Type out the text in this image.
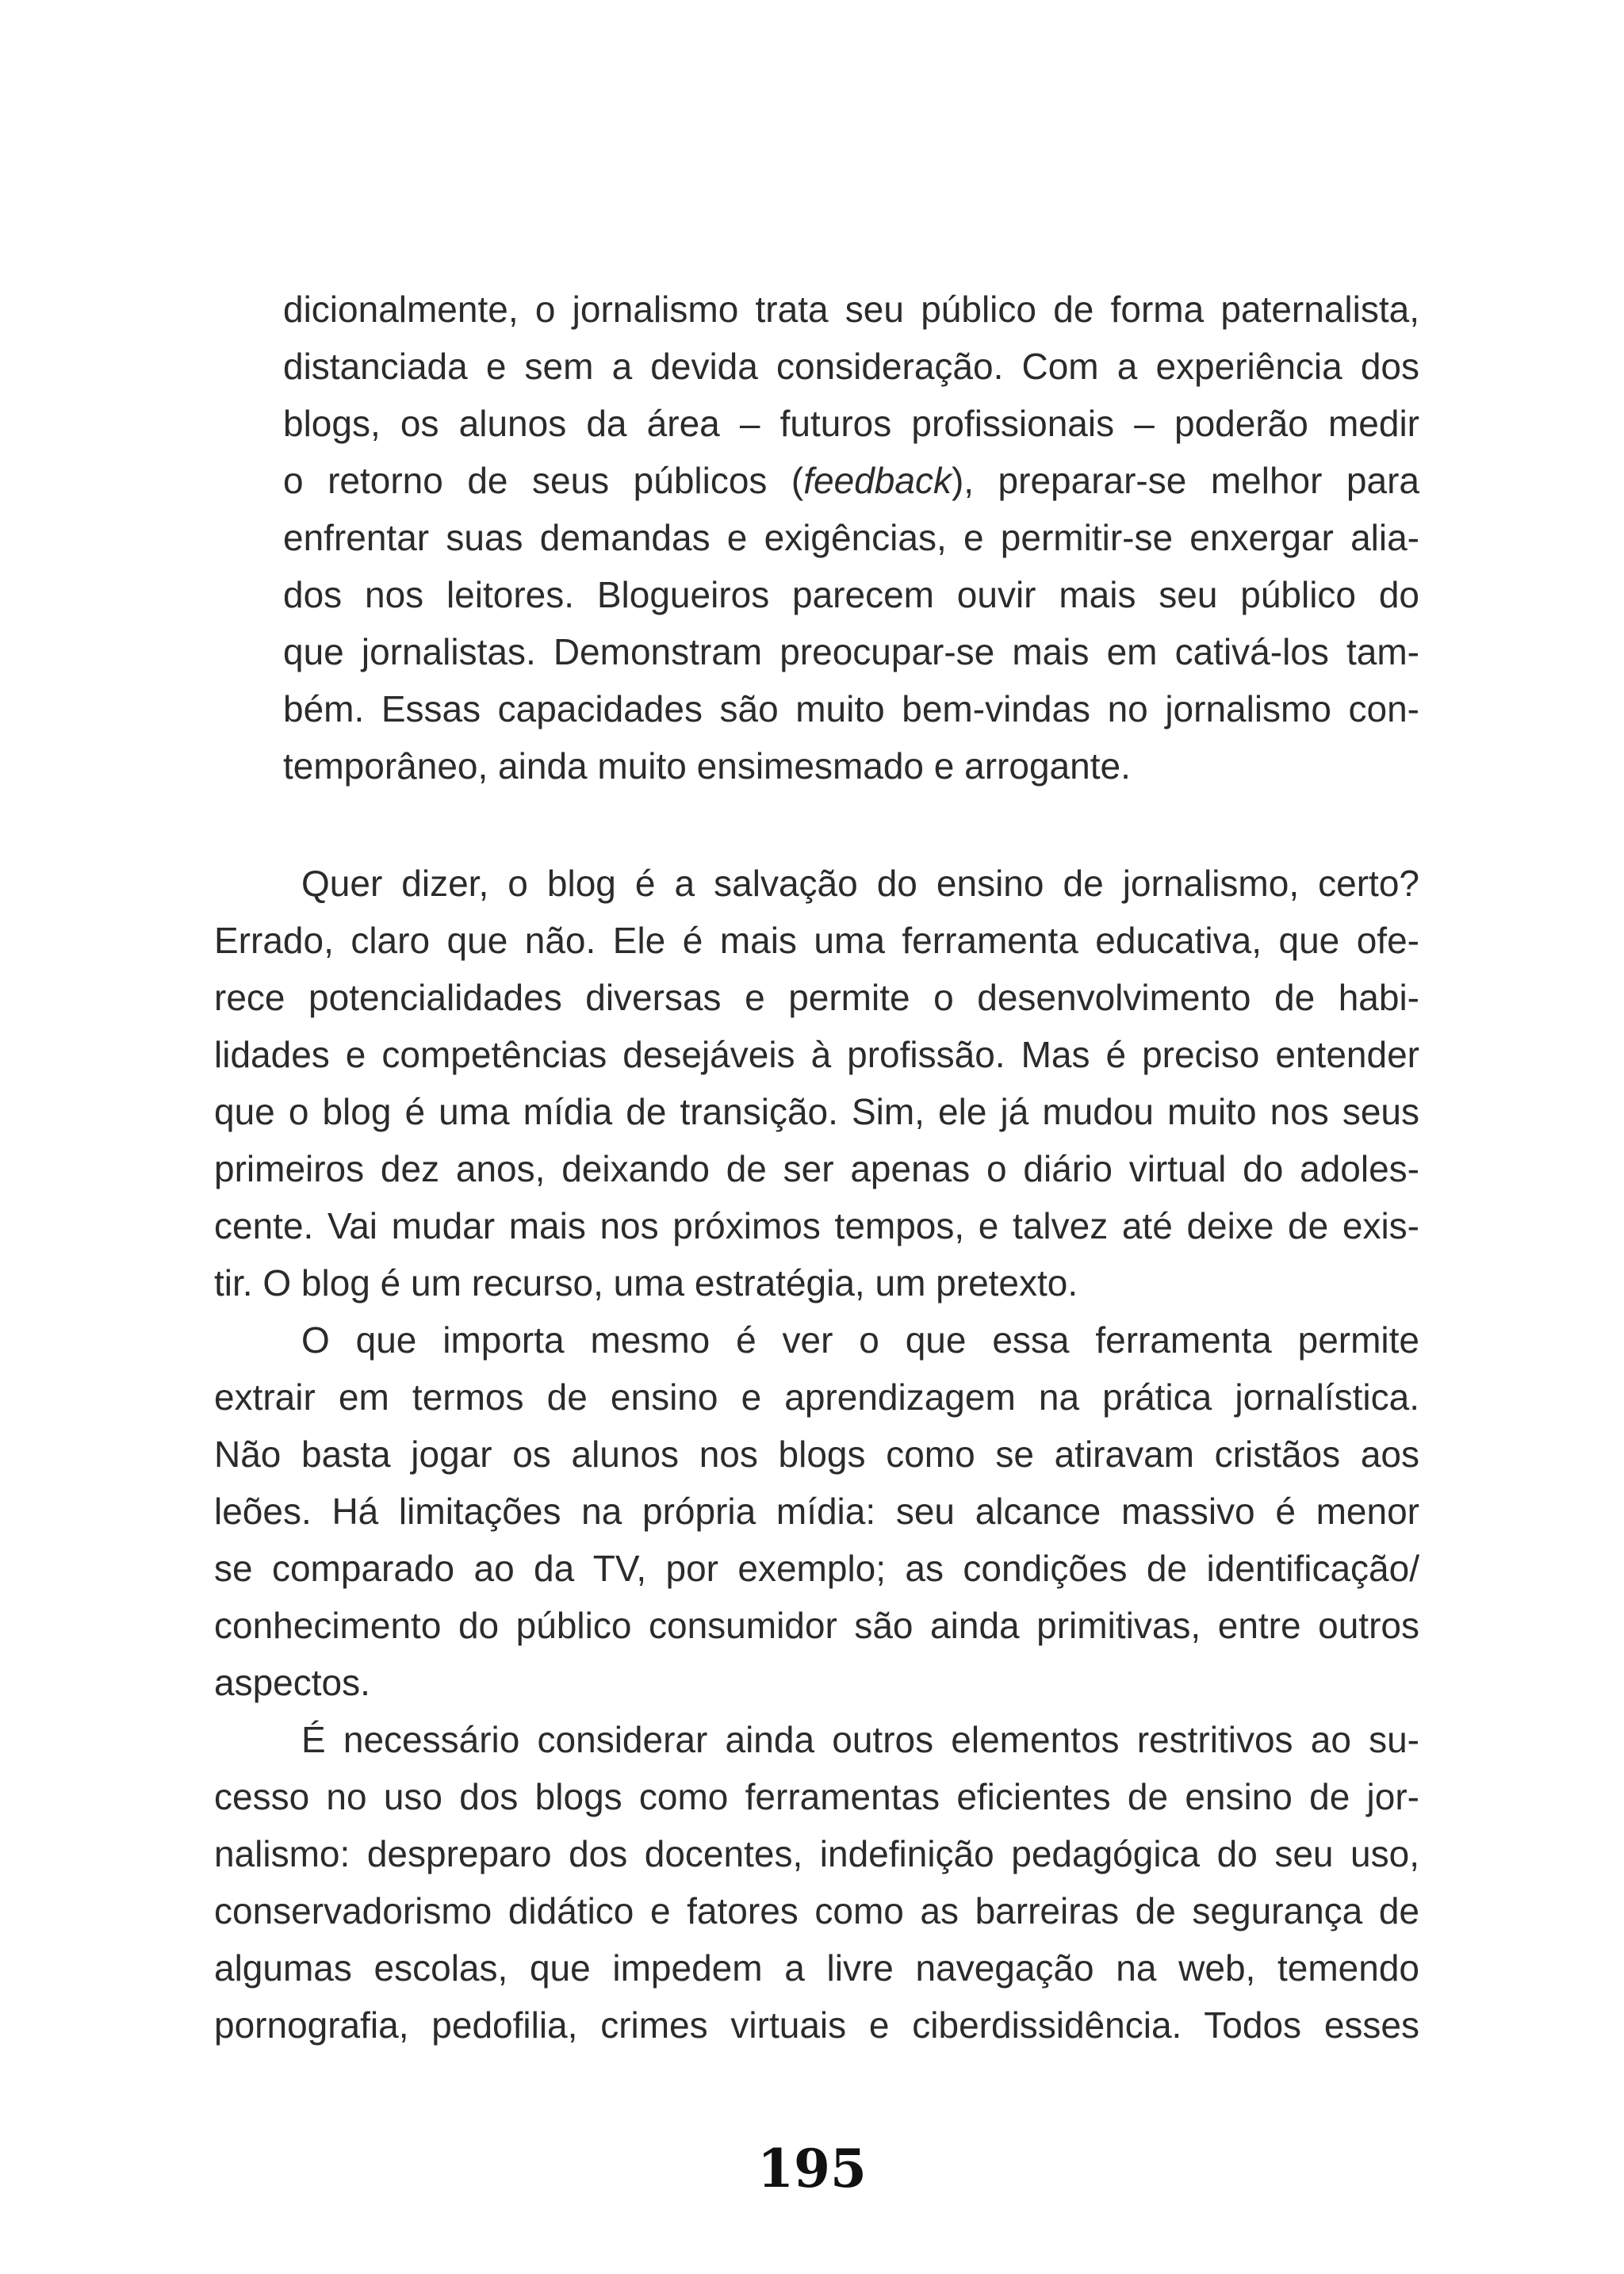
dicionalmente, o jornalismo trata seu público de forma paternalista,
distanciada e sem a devida consideração. Com a experiência dos
blogs, os alunos da área – futuros profissionais – poderão medir
o retorno de seus públicos (feedback), preparar-se melhor para
enfrentar suas demandas e exigências, e permitir-se enxergar alia-
dos nos leitores. Blogueiros parecem ouvir mais seu público do
que jornalistas. Demonstram preocupar-se mais em cativá-los tam-
bém. Essas capacidades são muito bem-vindas no jornalismo con-
temporâneo, ainda muito ensimesmado e arrogante.
Quer dizer, o blog é a salvação do ensino de jornalismo, certo?
Errado, claro que não. Ele é mais uma ferramenta educativa, que ofe-
rece potencialidades diversas e permite o desenvolvimento de habi-
lidades e competências desejáveis à profissão. Mas é preciso entender
que o blog é uma mídia de transição. Sim, ele já mudou muito nos seus
primeiros dez anos, deixando de ser apenas o diário virtual do adoles-
cente. Vai mudar mais nos próximos tempos, e talvez até deixe de exis-
tir. O blog é um recurso, uma estratégia, um pretexto.
O que importa mesmo é ver o que essa ferramenta permite
extrair em termos de ensino e aprendizagem na prática jornalística.
Não basta jogar os alunos nos blogs como se atiravam cristãos aos
leões. Há limitações na própria mídia: seu alcance massivo é menor
se comparado ao da TV, por exemplo; as condições de identificação/
conhecimento do público consumidor são ainda primitivas, entre outros
aspectos.
É necessário considerar ainda outros elementos restritivos ao su-
cesso no uso dos blogs como ferramentas eficientes de ensino de jor-
nalismo: despreparo dos docentes, indefinição pedagógica do seu uso,
conservadorismo didático e fatores como as barreiras de segurança de
algumas escolas, que impedem a livre navegação na web, temendo
pornografia, pedofilia, crimes virtuais e ciberdissidência. Todos esses
195
